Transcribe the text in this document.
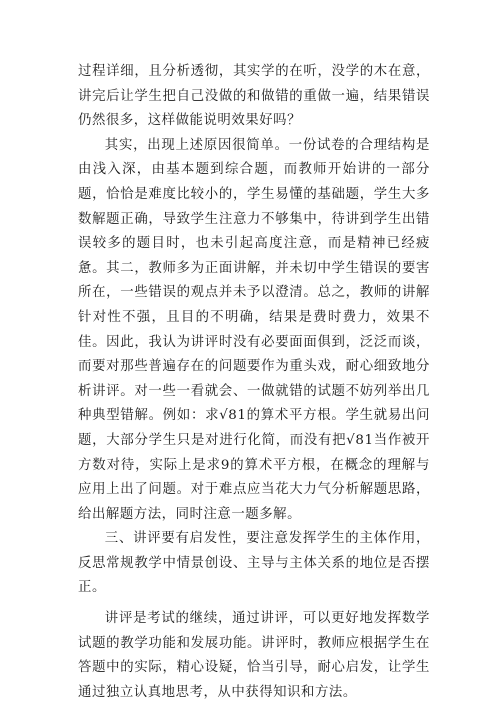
过程详细，且分析透彻，其实学的在听，没学的木在意，讲完后让学生把自己没做的和做错的重做一遍，结果错误仍然很多，这样做能说明效果好吗？

其实，出现上述原因很简单。一份试卷的合理结构是由浅入深，由基本题到综合题，而教师开始讲的一部分题，恰恰是难度比较小的，学生易懂的基础题，学生大多数解题正确，导致学生注意力不够集中，待讲到学生出错误较多的题目时，也未引起高度注意，而是精神已经疲惫。其二，教师多为正面讲解，并未切中学生错误的要害所在，一些错误的观点并未予以澄清。总之，教师的讲解针对性不强，且目的不明确，结果是费时费力，效果不佳。因此，我认为讲评时没有必要面面俱到，泛泛而谈，而要对那些普遍存在的问题要作为重头戏，耐心细致地分析讲评。对一些一看就会、一做就错的试题不妨列举出几种典型错解。例如：求√81的算术平方根。学生就易出问题，大部分学生只是对进行化简，而没有把√81当作被开方数对待，实际上是求9的算术平方根，在概念的理解与应用上出了问题。对于难点应当花大力气分析解题思路，给出解题方法，同时注意一题多解。

三、讲评要有启发性，要注意发挥学生的主体作用，反思常规教学中情景创设、主导与主体关系的地位是否摆正。

讲评是考试的继续，通过讲评，可以更好地发挥数学试题的教学功能和发展功能。讲评时，教师应根据学生在答题中的实际，精心设疑，恰当引导，耐心启发，让学生通过独立认真地思考，从中获得知识和方法。
